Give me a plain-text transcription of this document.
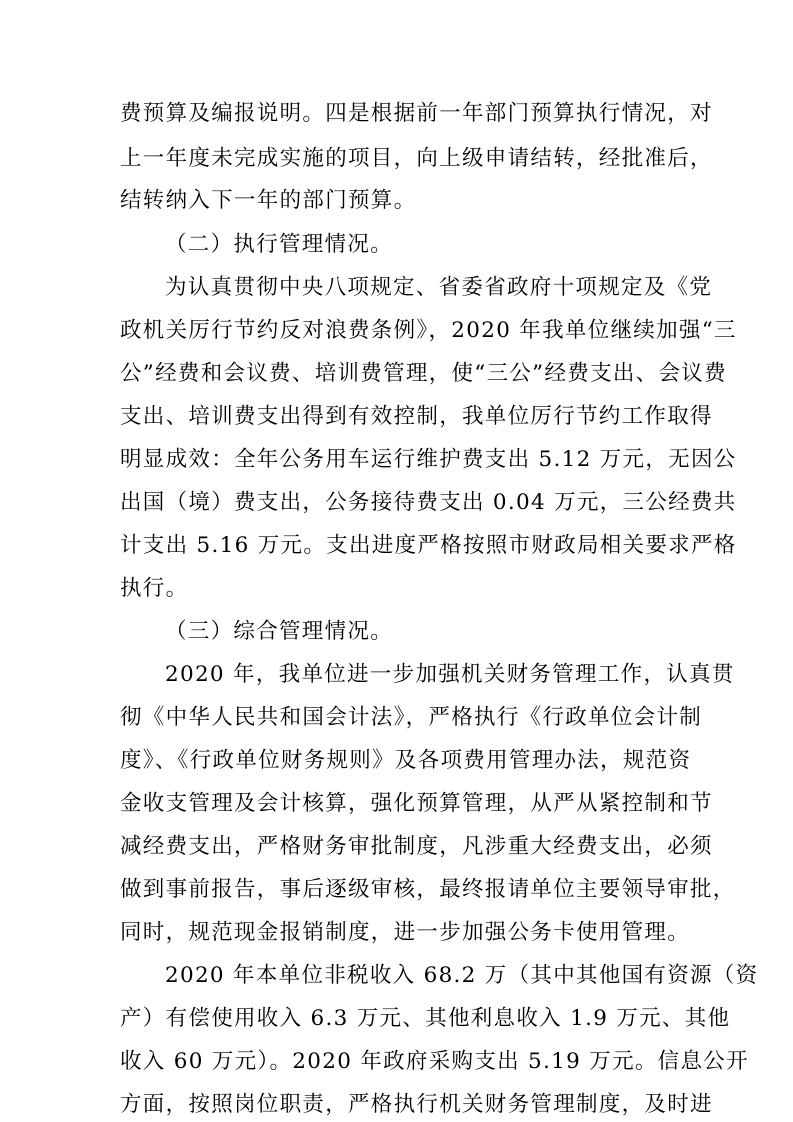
费预算及编报说明。四是根据前一年部门预算执行情况，对
上一年度未完成实施的项目，向上级申请结转，经批准后，
结转纳入下一年的部门预算。
（二）执行管理情况。
为认真贯彻中央八项规定、省委省政府十项规定及《党
政机关厉行节约反对浪费条例》，2020 年我单位继续加强“三
公”经费和会议费、培训费管理，使“三公”经费支出、会议费
支出、培训费支出得到有效控制，我单位厉行节约工作取得
明显成效：全年公务用车运行维护费支出 5.12 万元，无因公
出国（境）费支出，公务接待费支出 0.04 万元，三公经费共
计支出 5.16 万元。支出进度严格按照市财政局相关要求严格
执行。
（三）综合管理情况。
2020 年，我单位进一步加强机关财务管理工作，认真贯
彻《中华人民共和国会计法》，严格执行《行政单位会计制
度》、《行政单位财务规则》及各项费用管理办法，规范资
金收支管理及会计核算，强化预算管理，从严从紧控制和节
减经费支出，严格财务审批制度，凡涉重大经费支出，必须
做到事前报告，事后逐级审核，最终报请单位主要领导审批，
同时，规范现金报销制度，进一步加强公务卡使用管理。
2020 年本单位非税收入 68.2 万（其中其他国有资源（资
产）有偿使用收入 6.3 万元、其他利息收入 1.9 万元、其他
收入 60 万元）。2020 年政府采购支出 5.19 万元。信息公开
方面，按照岗位职责，严格执行机关财务管理制度，及时进
